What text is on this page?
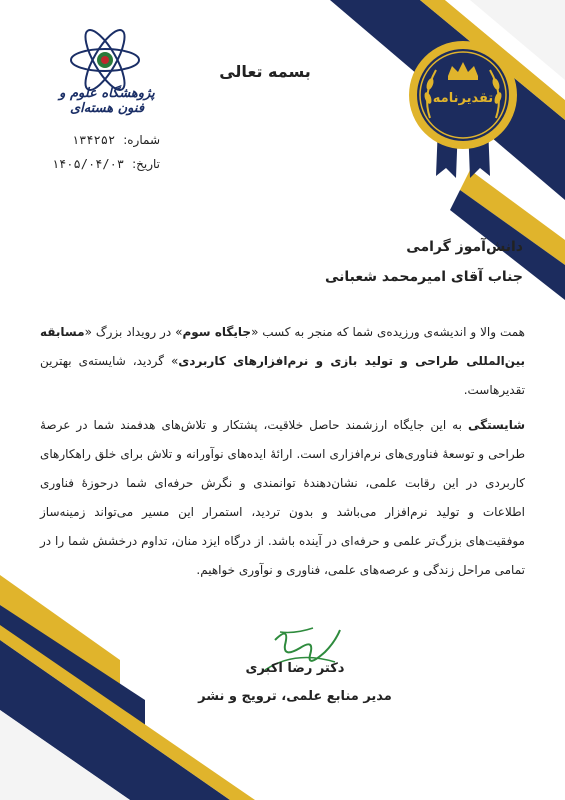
بسمه تعالی
پژوهشگاه علوم و فنون هسته‌ای
شماره:
۱۳۴۲۵۲
تاریخ:
۱۴۰۵/۰۴/۰۳
تقدیرنامه
دانش‌آموز گرامی
جناب آقای امیرمحمد شعبانی

همت والا و اندیشه‌ی ورزیده‌ی شما که منجر به کسب «جایگاه سوم» در رویداد بزرگ «مسابقه بین‌المللی طراحی و تولید بازی و نرم‌افزارهای کاربردی» گردید، شایسته‌ی بهترین تقدیرهاست.

شایستگی به این جایگاه ارزشمند حاصل خلاقیت، پشتکار و تلاش‌های هدفمند شما در عرصهٔ طراحی و توسعهٔ فناوری‌های نرم‌افزاری است. ارائهٔ ایده‌های نوآورانه و تلاش برای خلق راهکارهای کاربردی در این رقابت علمی، نشان‌دهندهٔ توانمندی و نگرش حرفه‌ای شما درحوزهٔ فناوری اطلاعات و تولید نرم‌افزار می‌باشد و بدون تردید، استمرار این مسیر می‌تواند زمینه‌ساز موفقیت‌های بزرگ‌تر علمی و حرفه‌ای در آینده باشد. از درگاه ایزد منان، تداوم درخشش شما را در تمامی مراحل زندگی و عرصه‌های علمی، فناوری و نوآوری خواهیم.

دکتر رضا اکبری
مدیر منابع علمی، ترویج و نشر
